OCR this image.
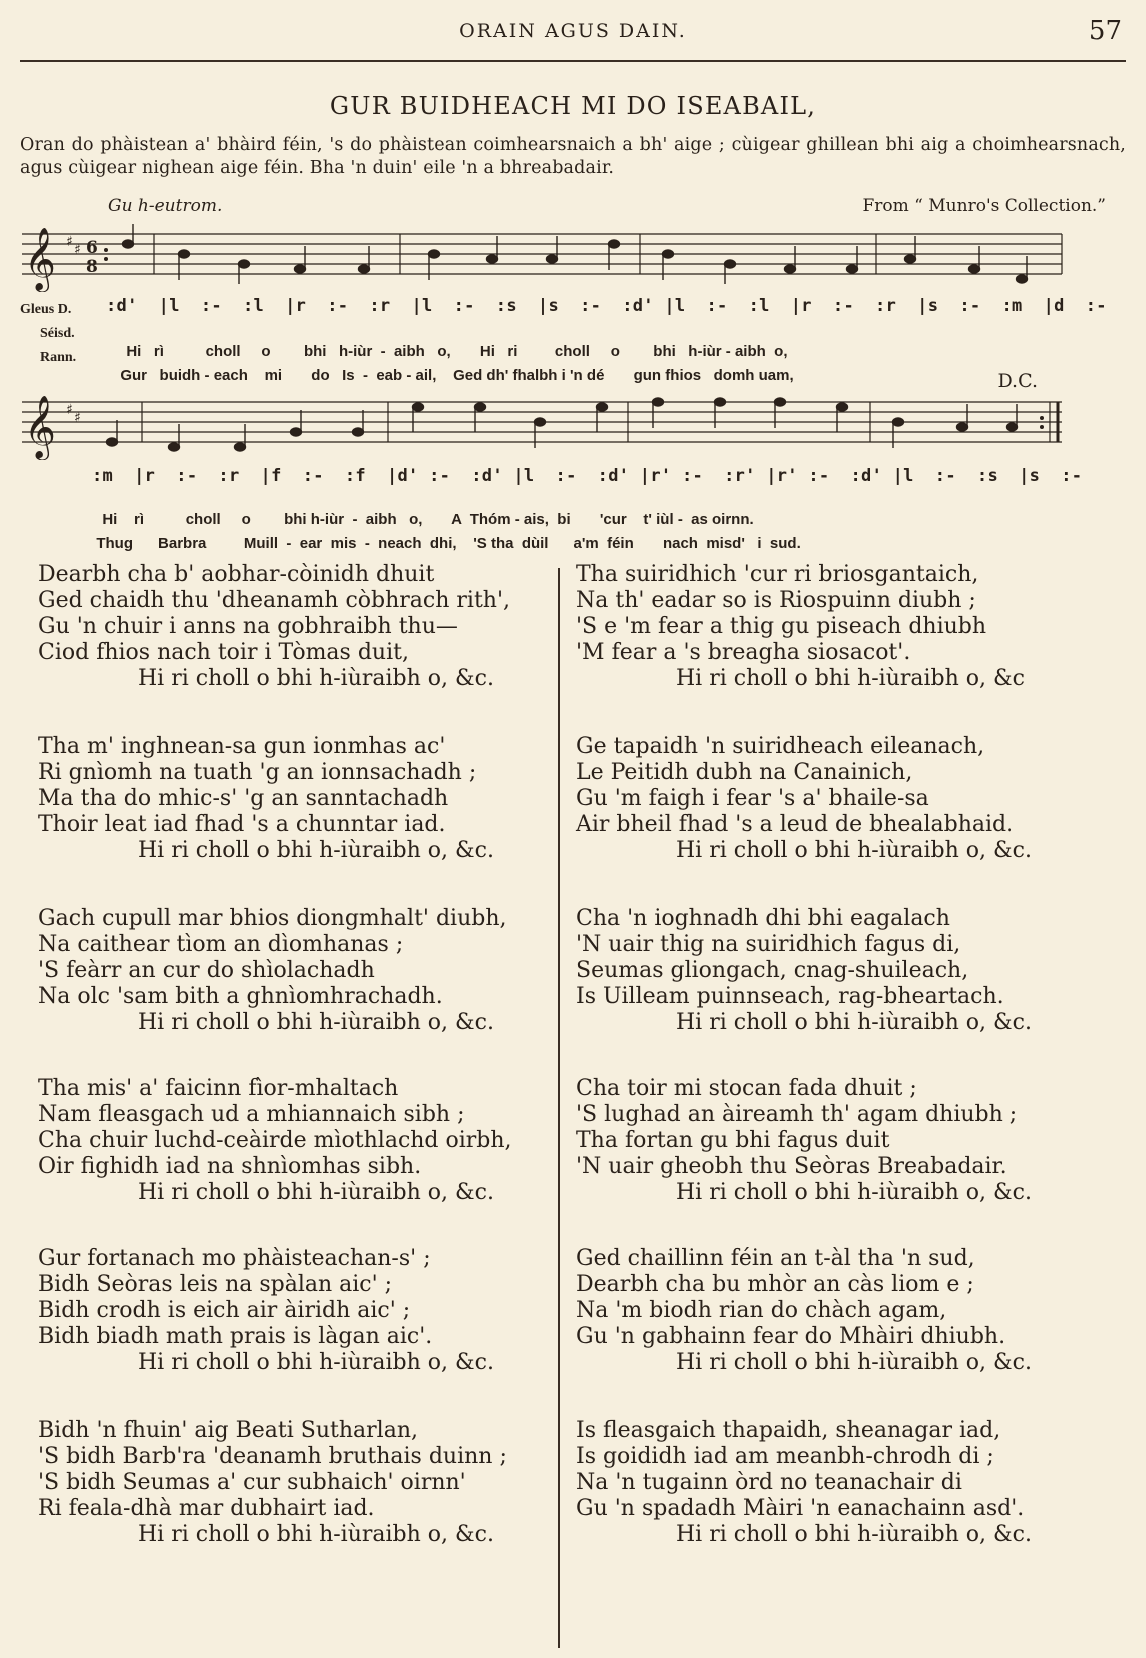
ORAIN AGUS DAIN.	57
GUR BUIDHEACH MI DO ISEABAIL,
Oran do phàistean a' bhàird féin, 's do phàistean coimhearsnaich a bh' aige ; cùigear ghillean bhi aig a choimhearsnach, agus cùigear nighean aige féin. Bha 'n duin' eile 'n a bhreabadair.
Gu h-eutrom.	From “ Munro's Collection.”
𝄞 ♯ ♯ 6
8
Gleus D. :d'  |l  :-  :l  |r  :-  :r  |l  :-  :s  |s  :-  :d' |l  :-  :l  |r  :-  :r  |s  :-  :m  |d  :-
Séisd.
Rann.	Hi rì	choll o bhi h-iùr - aibh o, Hi ri	choll o bhi h-iùr - aibh o,

Gur buidh - each mi do Is - eab - ail, Ged dh' fhalbh i 'n dé gun fhios domh uam,	D.C.
𝄞 ♯ ♯
:m  |r  :-  :r  |f  :-  :f  |d' :-  :d' |l  :-  :d' |r' :-  :r' |r' :-  :d' |l  :-  :s  |s  :-

Hi rì	choll o bhi h-iùr - aibh o, A Thóm - ais, bi 'cur t' iùl - as oirnn.

Thug Barbra	Muill - ear mis - neach dhi, 'S tha dùil a'm féin nach misd' i sud.

Dearbh cha b' aobhar-còinidh dhuit
Ged chaidh thu 'dheanamh còbhrach rith',
Gu 'n chuir i anns na gobhraibh thu—
Ciod fhios nach toir i Tòmas duit,
Hi ri choll o bhi h-iùraibh o, &c.
Tha m' inghnean-sa gun ionmhas ac'
Ri gnìomh na tuath 'g an ionnsachadh ;
Ma tha do mhic-s' 'g an sanntachadh
Thoir leat iad fhad 's a chunntar iad.
Hi ri choll o bhi h-iùraibh o, &c.
Gach cupull mar bhios diongmhalt' diubh,
Na caithear tìom an dìomhanas ;
'S feàrr an cur do shìolachadh
Na olc 'sam bith a ghnìomhrachadh.
Hi ri choll o bhi h-iùraibh o, &c.
Tha mis' a' faicinn fìor-mhaltach
Nam fleasgach ud a mhiannaich sibh ;
Cha chuir luchd-ceàirde mìothlachd oirbh,
Oir fighidh iad na shnìomhas sibh.
Hi ri choll o bhi h-iùraibh o, &c.
Gur fortanach mo phàisteachan-s' ;
Bidh Seòras leis na spàlan aic' ;
Bidh crodh is eich air àiridh aic' ;
Bidh biadh math prais is làgan aic'.
Hi ri choll o bhi h-iùraibh o, &c.
Bidh 'n fhuin' aig Beati Sutharlan,
'S bidh Barb'ra 'deanamh bruthais duinn ;
'S bidh Seumas a' cur subhaich' oirnn'
Ri feala-dhà mar dubhairt iad.
Hi ri choll o bhi h-iùraibh o, &c.
Tha suiridhich 'cur ri briosgantaich,
Na th' eadar so is Riospuinn diubh ;
'S e 'm fear a thig gu piseach dhiubh
'M fear a 's breagha siosacot'.
Hi ri choll o bhi h-iùraibh o, &c
Ge tapaidh 'n suiridheach eileanach,
Le Peitidh dubh na Canainich,
Gu 'm faigh i fear 's a' bhaile-sa
Air bheil fhad 's a leud de bhealabhaid.
Hi ri choll o bhi h-iùraibh o, &c.
Cha 'n ioghnadh dhi bhi eagalach
'N uair thig na suiridhich fagus di,
Seumas gliongach, cnag-shuileach,
Is Uilleam puinnseach, rag-bheartach.
Hi ri choll o bhi h-iùraibh o, &c.
Cha toir mi stocan fada dhuit ;
'S lughad an àireamh th' agam dhiubh ;
Tha fortan gu bhi fagus duit
'N uair gheobh thu Seòras Breabadair.
Hi ri choll o bhi h-iùraibh o, &c.
Ged chaillinn féin an t-àl tha 'n sud,
Dearbh cha bu mhòr an càs liom e ;
Na 'm biodh rian do chàch agam,
Gu 'n gabhainn fear do Mhàiri dhiubh.
Hi ri choll o bhi h-iùraibh o, &c.
Is fleasgaich thapaidh, sheanagar iad,
Is goididh iad am meanbh-chrodh di ;
Na 'n tugainn òrd no teanachair di
Gu 'n spadadh Màiri 'n eanachainn asd'.
Hi ri choll o bhi h-iùraibh o, &c.
